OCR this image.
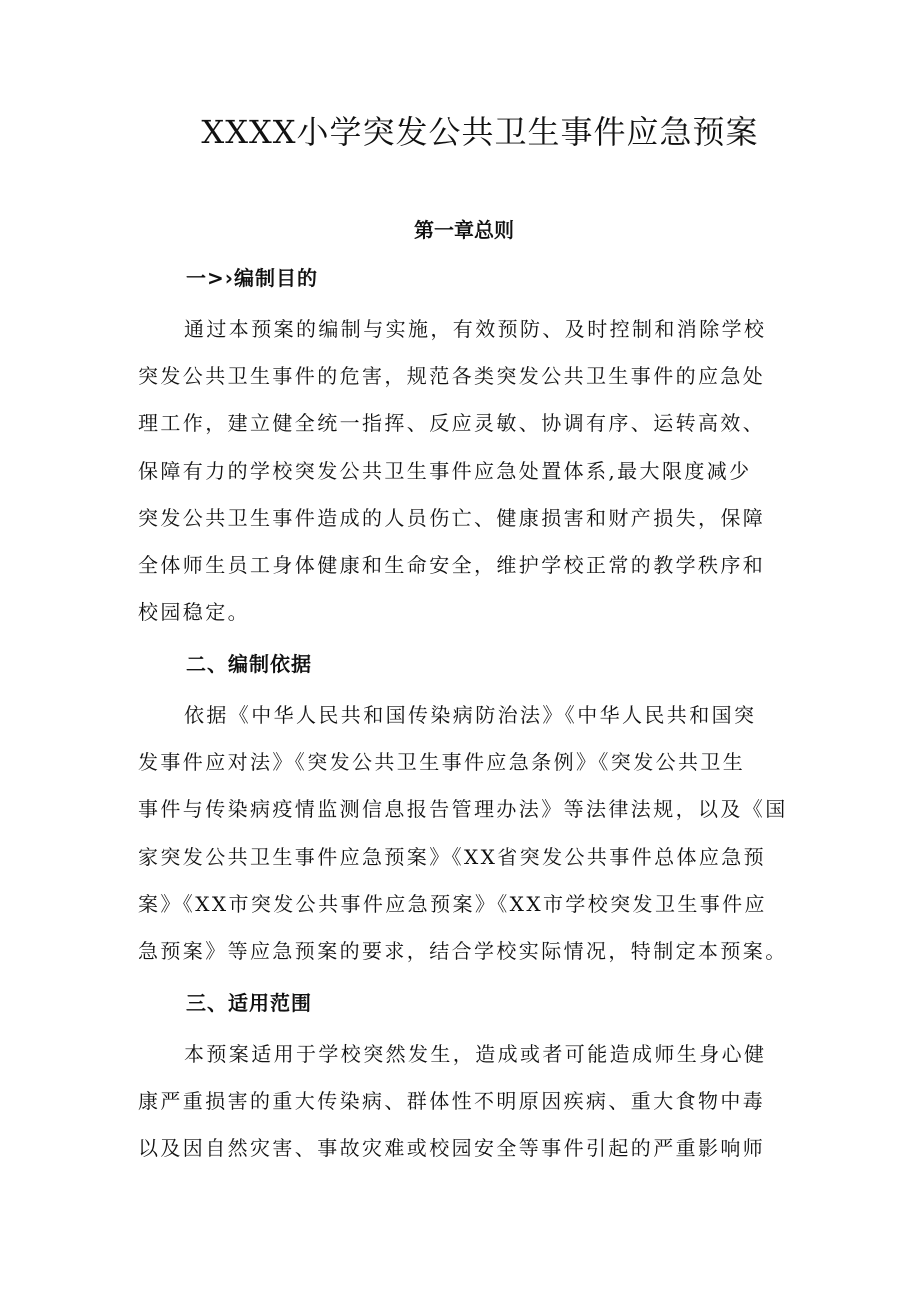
XXXX小学突发公共卫生事件应急预案
第一章总则
一>›编制目的
通过本预案的编制与实施，有效预防、及时控制和消除学校
突发公共卫生事件的危害，规范各类突发公共卫生事件的应急处
理工作，建立健全统一指挥、反应灵敏、协调有序、运转高效、
保障有力的学校突发公共卫生事件应急处置体系,最大限度减少
突发公共卫生事件造成的人员伤亡、健康损害和财产损失，保障
全体师生员工身体健康和生命安全，维护学校正常的教学秩序和
校园稳定。
二、编制依据
依据《中华人民共和国传染病防治法》《中华人民共和国突
发事件应对法》《突发公共卫生事件应急条例》《突发公共卫生
事件与传染病疫情监测信息报告管理办法》等法律法规，以及《国
家突发公共卫生事件应急预案》《XX省突发公共事件总体应急预
案》《XX市突发公共事件应急预案》《XX市学校突发卫生事件应
急预案》等应急预案的要求，结合学校实际情况，特制定本预案。
三、适用范围
本预案适用于学校突然发生，造成或者可能造成师生身心健
康严重损害的重大传染病、群体性不明原因疾病、重大食物中毒
以及因自然灾害、事故灾难或校园安全等事件引起的严重影响师
